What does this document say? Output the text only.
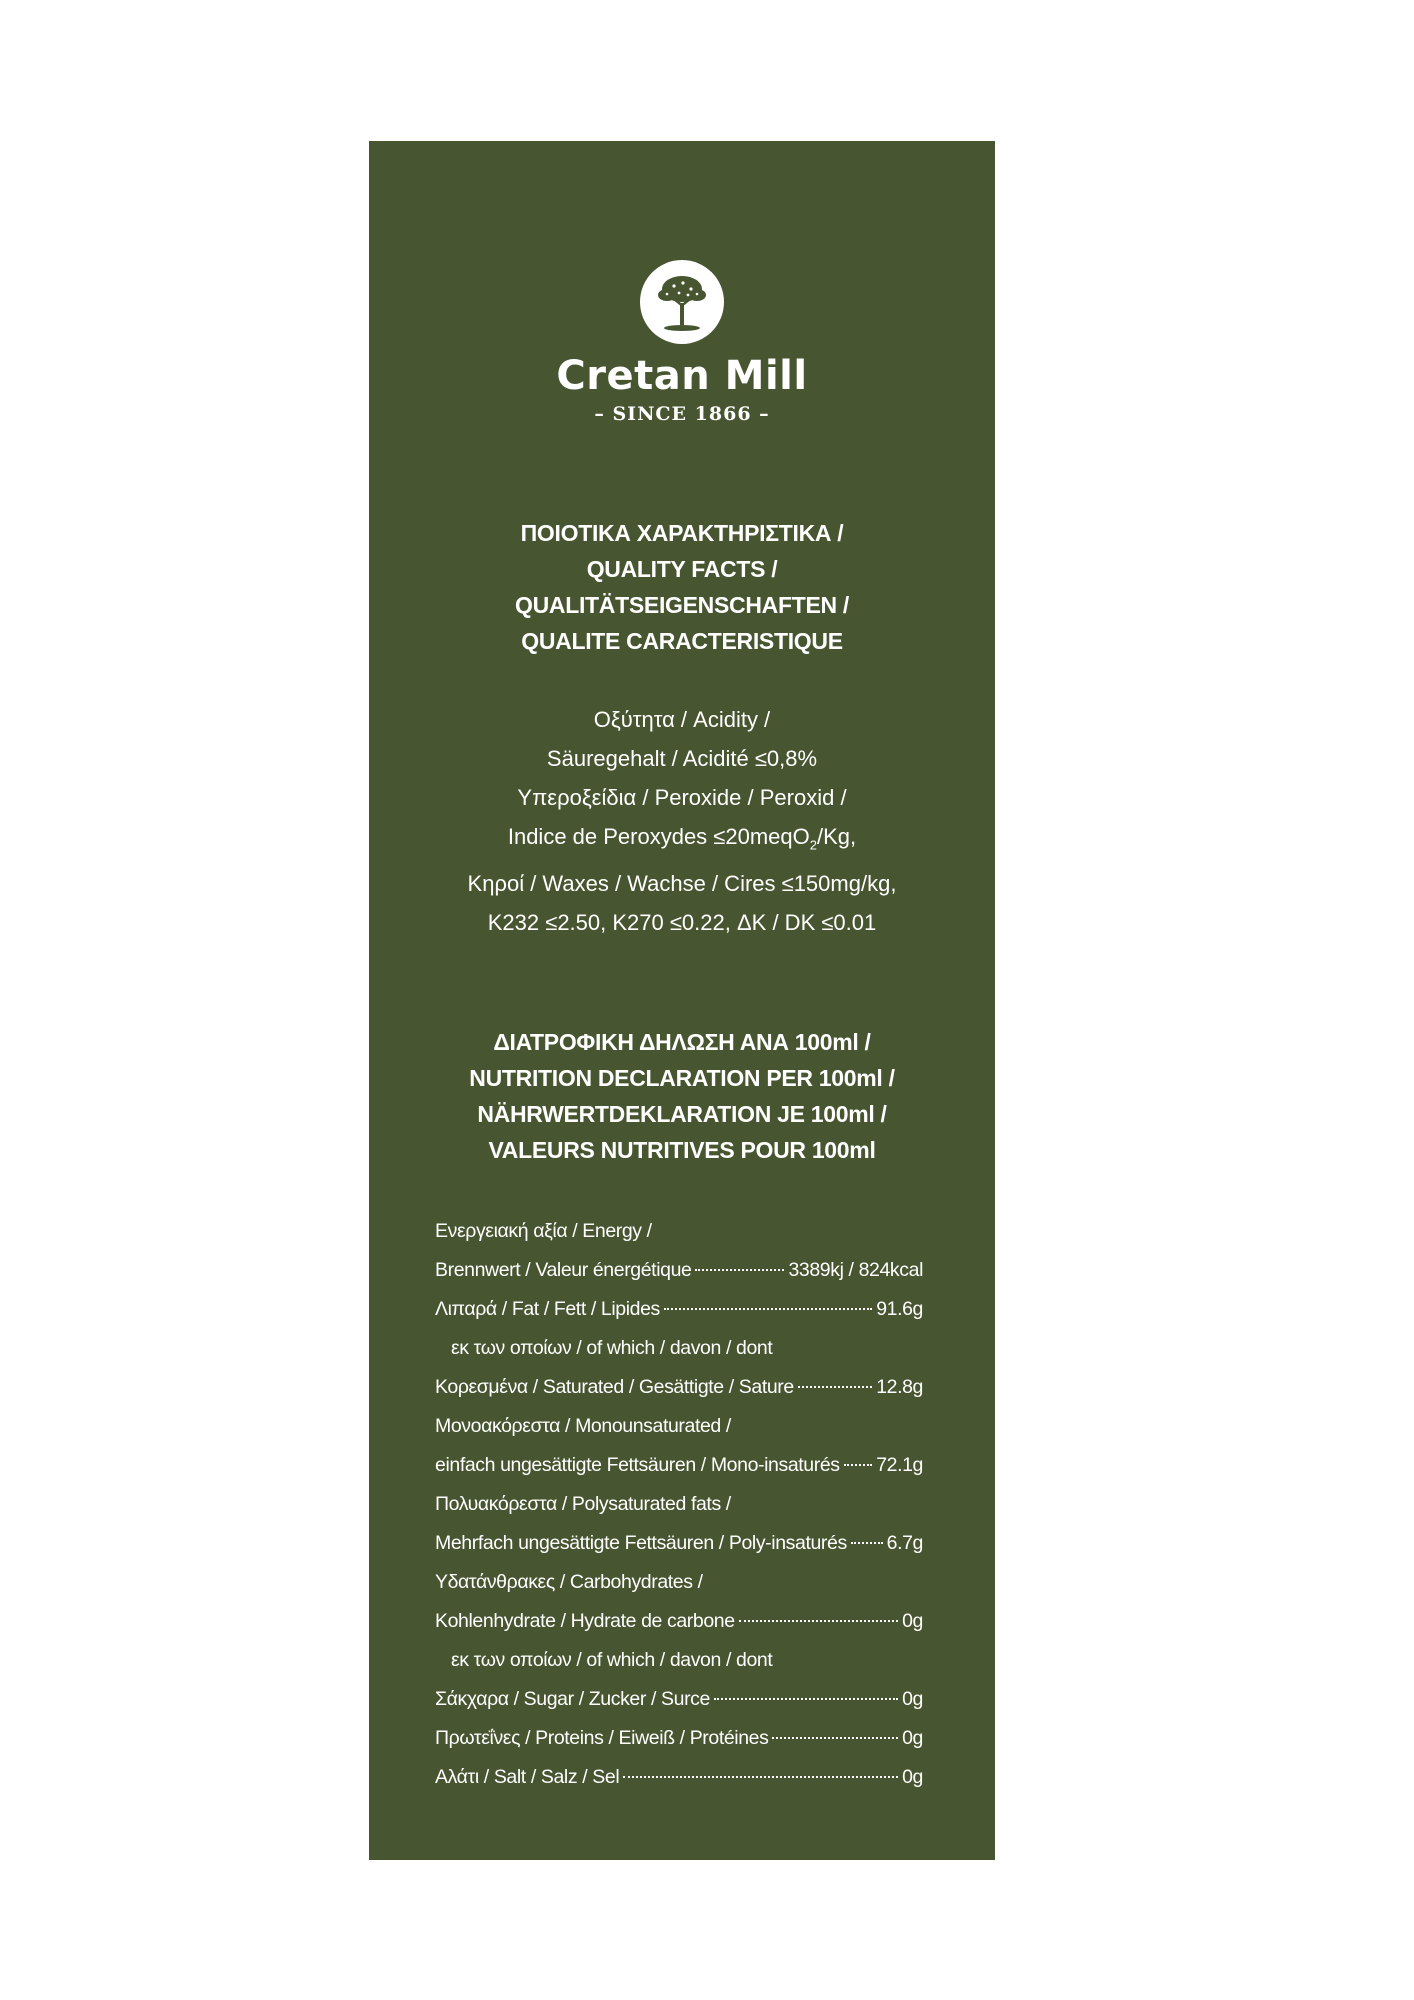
Cretan Mill
– SINCE 1866 –
ΠΟΙΟΤΙΚΑ ΧΑΡΑΚΤΗΡΙΣΤΙΚΑ /
QUALITY FACTS /
QUALITÄTSEIGENSCHAFTEN /
QUALITE CARACTERISTIQUE
Οξύτητα / Acidity /
Säuregehalt / Acidité ≤0,8%
Υπεροξείδια / Peroxide / Peroxid /
Indice de Peroxydes ≤20meqO$_2$/Kg,
Κηροί / Waxes / Wachse / Cires ≤150mg/kg,
K232 ≤2.50, K270 ≤0.22, ΔK / DK ≤0.01
ΔΙΑΤΡΟΦΙΚΗ ΔΗΛΩΣΗ ΑΝΑ 100ml /
NUTRITION DECLARATION PER 100ml /
NÄHRWERTDEKLARATION JE 100ml /
VALEURS NUTRITIVES POUR 100ml
Ενεργειακή αξία / Energy /
Brennwert / Valeur énergétique	3389kj / 824kcal
Λιπαρά / Fat / Fett / Lipides	91.6g
εκ των οποίων / of which / davon / dont
Κορεσμένα / Saturated / Gesättigte / Sature	12.8g
Μονοακόρεστα / Monounsaturated /
einfach ungesättigte Fettsäuren / Mono-insaturés 72.1g
Πολυακόρεστα / Polysaturated fats /
Mehrfach ungesättigte Fettsäuren / Poly-insaturés 6.7g
Υδατάνθρακες / Carbohydrates /
Kohlenhydrate / Hydrate de carbone	0g
εκ των οποίων / of which / davon / dont
Σάκχαρα / Sugar / Zucker / Surce	0g
Πρωτεΐνες / Proteins / Eiweiß / Protéines	0g
Αλάτι / Salt / Salz / Sel	0g
